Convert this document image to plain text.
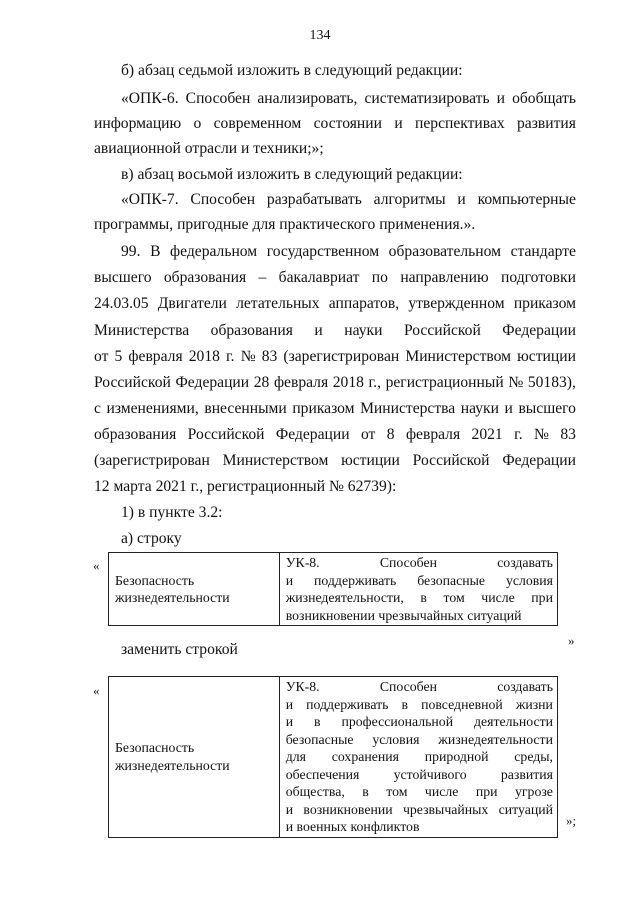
134
б) абзац седьмой изложить в следующий редакции:
«ОПК-6. Способен анализировать, систематизировать и обобщать
информацию о современном состоянии и перспективах развития
авиационной отрасли и техники;»;
в) абзац восьмой изложить в следующий редакции:
«ОПК-7. Способен разрабатывать алгоритмы и компьютерные
программы, пригодные для практического применения.».
99. В федеральном государственном образовательном стандарте
высшего образования – бакалавриат по направлению подготовки
24.03.05 Двигатели летательных аппаратов, утвержденном приказом
Министерства образования и науки Российской Федерации
от 5 февраля 2018 г. № 83 (зарегистрирован Министерством юстиции
Российской Федерации 28 февраля 2018 г., регистрационный № 50183),
с изменениями, внесенными приказом Министерства науки и высшего
образования Российской Федерации от 8 февраля 2021 г. № 83
(зарегистрирован Министерством юстиции Российской Федерации
12 марта 2021 г., регистрационный № 62739):
1) в пункте 3.2:
а) строку
«
Безопасность жизнедеятельности

УК-8.	Способен	создавать
и поддерживать безопасные условия
жизнедеятельности, в том числе при
возникновении чрезвычайных ситуаций
»
заменить строкой
«
Безопасность жизнедеятельности

УК-8.	Способен	создавать
и поддерживать в повседневной жизни
и в профессиональной деятельности
безопасные условия жизнедеятельности
для сохранения природной среды,
обеспечения устойчивого развития
общества, в том числе при угрозе
и возникновении чрезвычайных ситуаций
и военных конфликтов	»;
